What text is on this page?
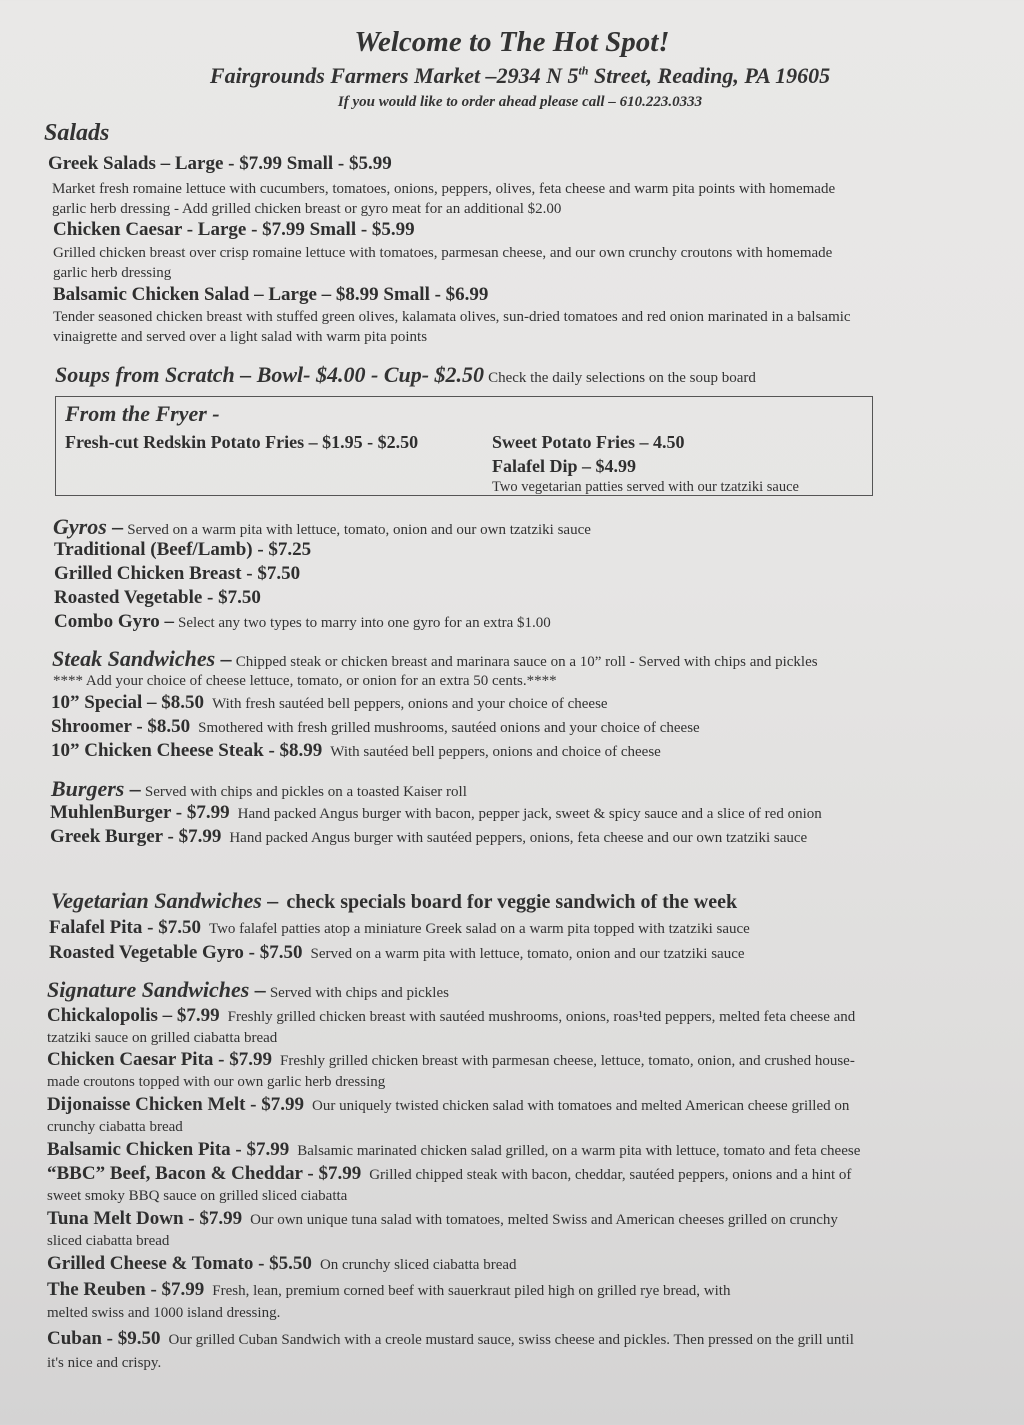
Welcome to The Hot Spot!
Fairgrounds Farmers Market –2934 N 5th Street, Reading, PA 19605
If you would like to order ahead please call – 610.223.0333
Salads
Greek Salads – Large - $7.99 Small - $5.99
Market fresh romaine lettuce with cucumbers, tomatoes, onions, peppers, olives, feta cheese and warm pita points with homemade
garlic herb dressing - Add grilled chicken breast or gyro meat for an additional $2.00
Chicken Caesar - Large - $7.99 Small - $5.99
Grilled chicken breast over crisp romaine lettuce with tomatoes, parmesan cheese, and our own crunchy croutons with homemade
garlic herb dressing
Balsamic Chicken Salad – Large – $8.99 Small - $6.99
Tender seasoned chicken breast with stuffed green olives, kalamata olives, sun-dried tomatoes and red onion marinated in a balsamic
vinaigrette and served over a light salad with warm pita points
Soups from Scratch – Bowl- $4.00 - Cup- $2.50 Check the daily selections on the soup board
From the Fryer -
Fresh-cut Redskin Potato Fries – $1.95 - $2.50	Sweet Potato Fries – 4.50
Falafel Dip – $4.99
Two vegetarian patties served with our tzatziki sauce
Gyros – Served on a warm pita with lettuce, tomato, onion and our own tzatziki sauce
Traditional (Beef/Lamb) - $7.25
Grilled Chicken Breast - $7.50
Roasted Vegetable - $7.50
Combo Gyro – Select any two types to marry into one gyro for an extra $1.00
Steak Sandwiches – Chipped steak or chicken breast and marinara sauce on a 10” roll - Served with chips and pickles
**** Add your choice of cheese lettuce, tomato, or onion for an extra 50 cents.****
10” Special – $8.50 With fresh sautéed bell peppers, onions and your choice of cheese
Shroomer - $8.50 Smothered with fresh grilled mushrooms, sautéed onions and your choice of cheese
10” Chicken Cheese Steak - $8.99 With sautéed bell peppers, onions and choice of cheese
Burgers – Served with chips and pickles on a toasted Kaiser roll
MuhlenBurger - $7.99 Hand packed Angus burger with bacon, pepper jack, sweet & spicy sauce and a slice of red onion
Greek Burger - $7.99 Hand packed Angus burger with sautéed peppers, onions, feta cheese and our own tzatziki sauce
Vegetarian Sandwiches – check specials board for veggie sandwich of the week
Falafel Pita - $7.50 Two falafel patties atop a miniature Greek salad on a warm pita topped with tzatziki sauce
Roasted Vegetable Gyro - $7.50 Served on a warm pita with lettuce, tomato, onion and our tzatziki sauce
Signature Sandwiches – Served with chips and pickles
Chickalopolis – $7.99 Freshly grilled chicken breast with sautéed mushrooms, onions, roas¹ted peppers, melted feta cheese and
tzatziki sauce on grilled ciabatta bread
Chicken Caesar Pita - $7.99 Freshly grilled chicken breast with parmesan cheese, lettuce, tomato, onion, and crushed house-
made croutons topped with our own garlic herb dressing
Dijonaisse Chicken Melt - $7.99 Our uniquely twisted chicken salad with tomatoes and melted American cheese grilled on
crunchy ciabatta bread
Balsamic Chicken Pita - $7.99 Balsamic marinated chicken salad grilled, on a warm pita with lettuce, tomato and feta cheese
“BBC” Beef, Bacon & Cheddar - $7.99 Grilled chipped steak with bacon, cheddar, sautéed peppers, onions and a hint of
sweet smoky BBQ sauce on grilled sliced ciabatta
Tuna Melt Down - $7.99 Our own unique tuna salad with tomatoes, melted Swiss and American cheeses grilled on crunchy
sliced ciabatta bread
Grilled Cheese & Tomato - $5.50 On crunchy sliced ciabatta bread
The Reuben - $7.99 Fresh, lean, premium corned beef with sauerkraut piled high on grilled rye bread, with
melted swiss and 1000 island dressing.
Cuban - $9.50 Our grilled Cuban Sandwich with a creole mustard sauce, swiss cheese and pickles. Then pressed on the grill until
it's nice and crispy.
